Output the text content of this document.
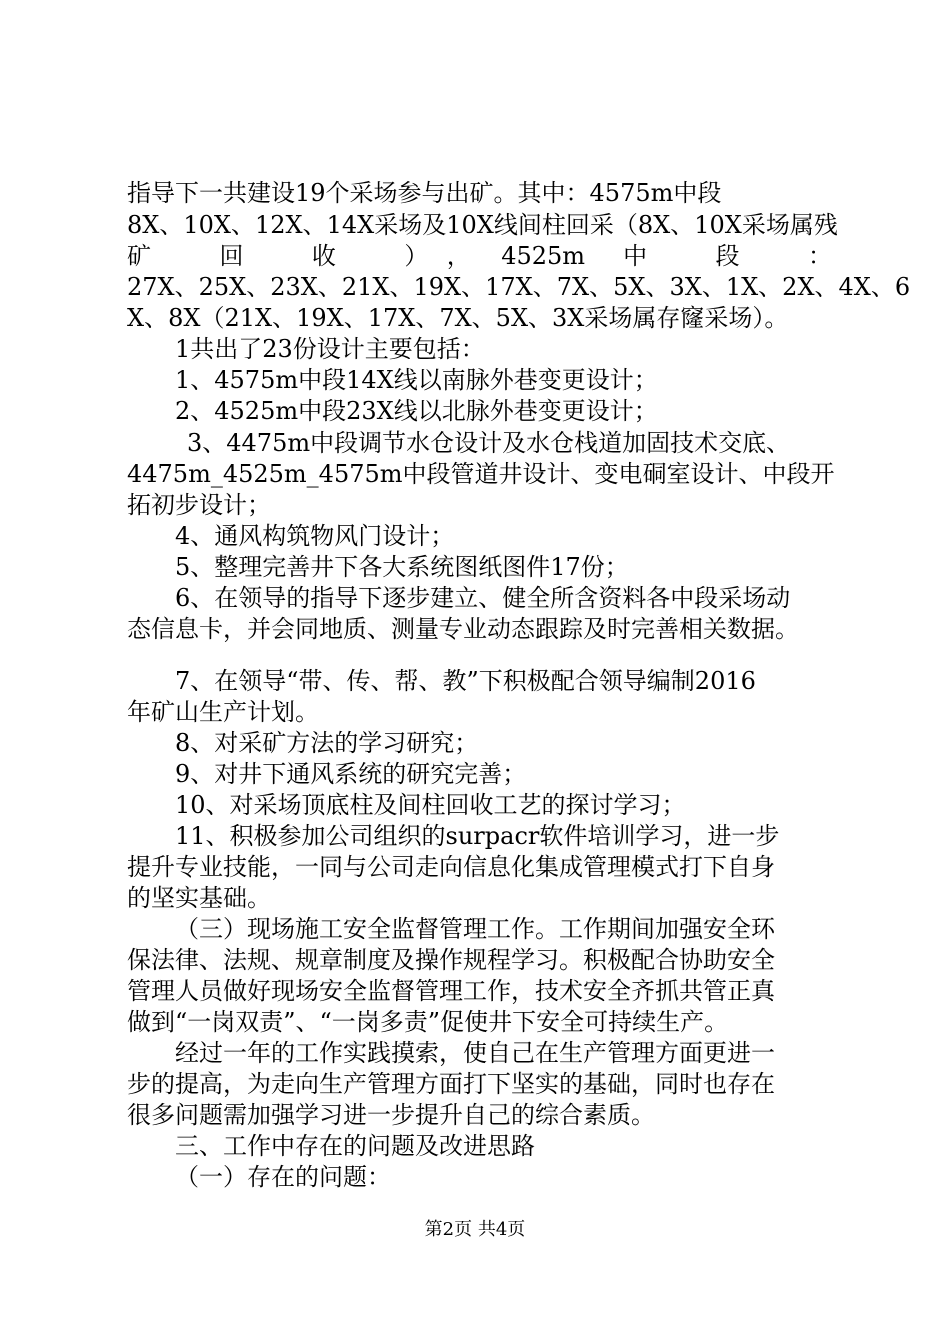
指导下一共建设19个采场参与出矿。其中：4575m中段
8X、10X、12X、14X采场及10X线间柱回采（8X、10X采场属残
矿 回 收 ），4525m 中 段 ：
27X、25X、23X、21X、19X、17X、7X、5X、3X、1X、2X、4X、6
X、8X（21X、19X、17X、7X、5X、3X采场属存窿采场）。
1共出了23份设计主要包括：
1、4575m中段14X线以南脉外巷变更设计；
2、4525m中段23X线以北脉外巷变更设计；
3、4475m中段调节水仓设计及水仓栈道加固技术交底、
4475m_4525m_4575m中段管道井设计、变电硐室设计、中段开
拓初步设计；
4、通风构筑物风门设计；
5、整理完善井下各大系统图纸图件17份；
6、在领导的指导下逐步建立、健全所含资料各中段采场动
态信息卡，并会同地质、测量专业动态跟踪及时完善相关数据。
7、在领导“带、传、帮、教”下积极配合领导编制2016
年矿山生产计划。
8、对采矿方法的学习研究；
9、对井下通风系统的研究完善；
10、对采场顶底柱及间柱回收工艺的探讨学习；
11、积极参加公司组织的surpacr软件培训学习，进一步
提升专业技能，一同与公司走向信息化集成管理模式打下自身
的坚实基础。
（三）现场施工安全监督管理工作。工作期间加强安全环
保法律、法规、规章制度及操作规程学习。积极配合协助安全
管理人员做好现场安全监督管理工作，技术安全齐抓共管正真
做到“一岗双责”、“一岗多责”促使井下安全可持续生产。
经过一年的工作实践摸索，使自己在生产管理方面更进一
步的提高，为走向生产管理方面打下坚实的基础，同时也存在
很多问题需加强学习进一步提升自己的综合素质。
三、工作中存在的问题及改进思路
（一）存在的问题：
第2页 共4页
